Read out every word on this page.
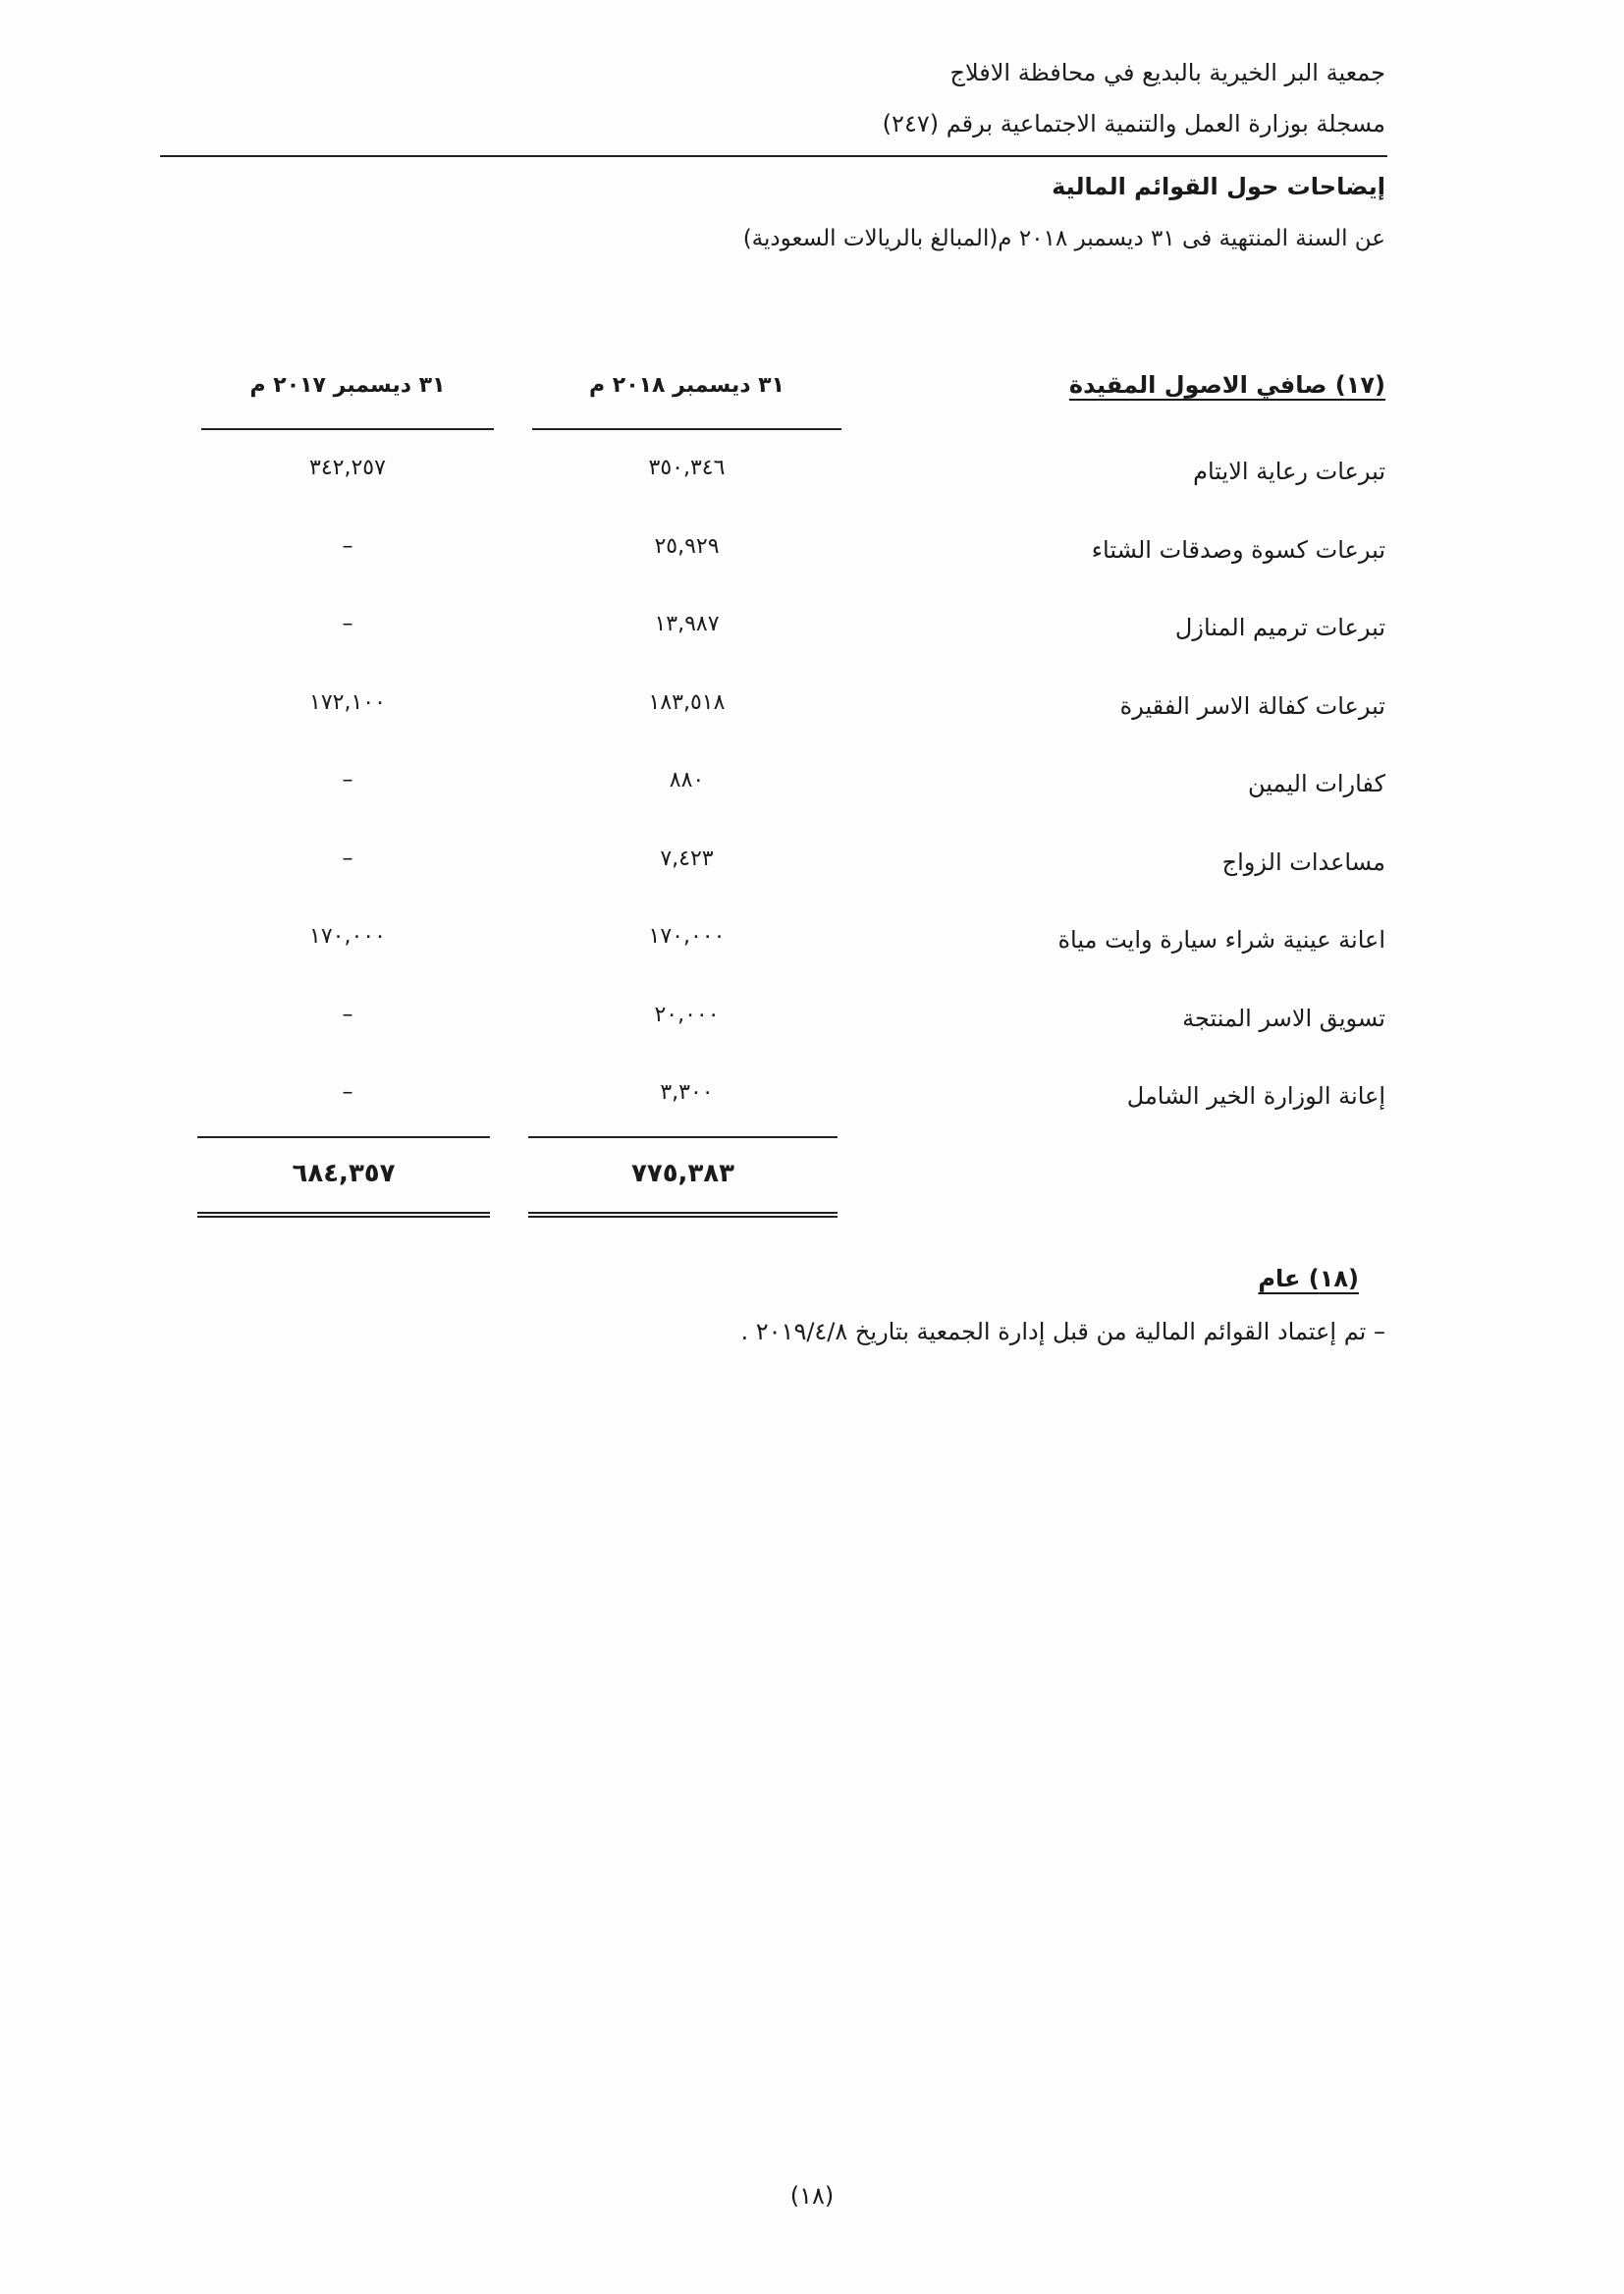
جمعية البر الخيرية بالبديع في محافظة الافلاج
مسجلة بوزارة العمل والتنمية الاجتماعية برقم (٢٤٧)
إيضاحات حول القوائم المالية
عن السنة المنتهية فى ٣١ ديسمبر ٢٠١٨ م(المبالغ بالريالات السعودية)
(١٧) صافي الاصول المقيدة
٣١ ديسمبر ٢٠١٨ م
٣١ ديسمبر ٢٠١٧ م
تبرعات رعاية الايتام
٣٥٠,٣٤٦
٣٤٢,٢٥٧
تبرعات كسوة وصدقات الشتاء
٢٥,٩٢٩
–
تبرعات ترميم المنازل
١٣,٩٨٧
–
تبرعات كفالة الاسر الفقيرة
١٨٣,٥١٨
١٧٢,١٠٠
كفارات اليمين
٨٨٠
–
مساعدات الزواج
٧,٤٢٣
–
اعانة عينية شراء سيارة وايت مياة
١٧٠,٠٠٠
١٧٠,٠٠٠
تسويق الاسر المنتجة
٢٠,٠٠٠
–
إعانة الوزارة الخير الشامل
٣,٣٠٠
–
٧٧٥,٣٨٣
٦٨٤,٣٥٧
(١٨) عام
– تم إعتماد القوائم المالية من قبل إدارة الجمعية بتاريخ ٢٠١٩/٤/٨ .
(١٨)
